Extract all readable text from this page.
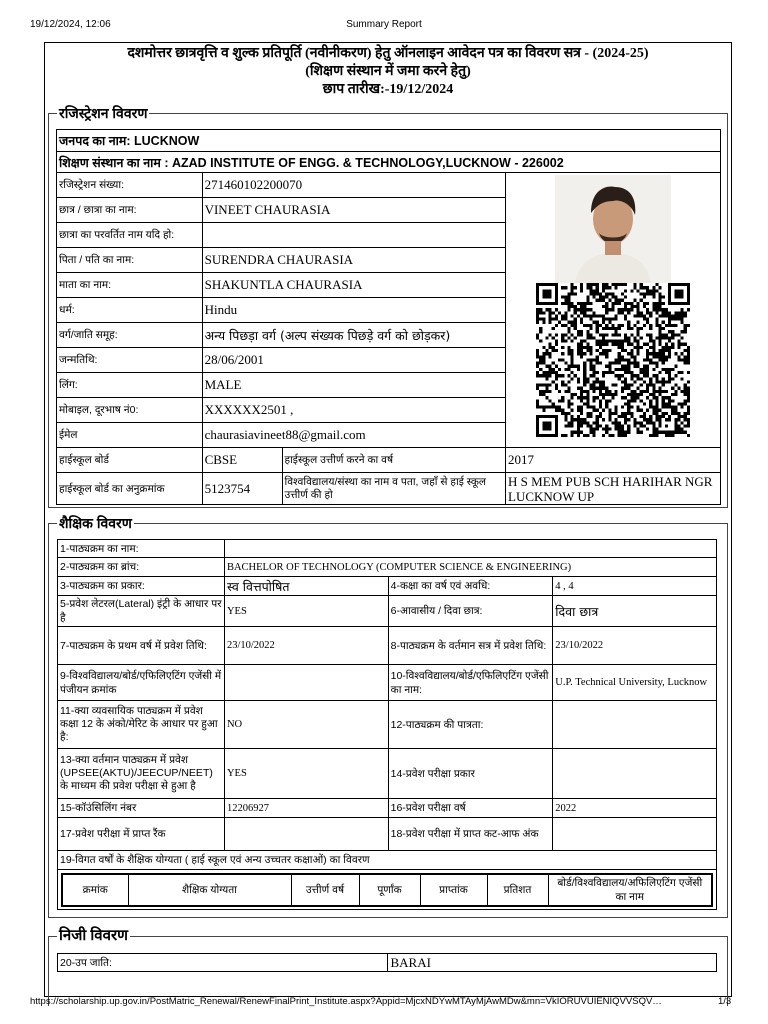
19/12/2024, 12:06	Summary Report
दशमोत्तर छात्रवृत्ति व शुल्क प्रतिपूर्ति (नवीनीकरण) हेतु ऑनलाइन आवेदन पत्र का विवरण सत्र - (2024-25)
(शिक्षण संस्थान में जमा करने हेतु)
छाप तारीख:-19/12/2024
रजिस्ट्रेशन विवरण
जनपद का नाम: LUCKNOW			
शिक्षण संस्थान का नाम : AZAD INSTITUTE OF ENGG. & TECHNOLOGY,LUCKNOW - 226002			
रजिस्ट्रेशन संख्या:	271460102200070	

छात्र / छात्रा का नाम:	VINEET CHAURASIA		
छात्रा का परवर्तित नाम यदि हो:			
पिता / पति का नाम:	SURENDRA CHAURASIA		
माता का नाम:	SHAKUNTLA CHAURASIA		
धर्म:	Hindu		
वर्ग/जाति समूह:	अन्य पिछड़ा वर्ग (अल्प संख्यक पिछड़े वर्ग को छोड़कर)		
जन्मतिथि:	28/06/2001		
लिंग:	MALE		
मोबाइल, दूरभाष नं0:	XXXXXX2501 ,		
ईमेल	chaurasiavineet88@gmail.com		
हाईस्कूल बोर्ड	CBSE	हाईस्कूल उत्तीर्ण करने का वर्ष	2017
हाईस्कूल बोर्ड का अनुक्रमांक	5123754	विश्वविद्यालय/संस्था का नाम व पता, जहाँ से हाई स्कूल उत्तीर्ण की हो	H S MEM PUB SCH HARIHAR NGR LUCKNOW UP
शैक्षिक विवरण
1-पाठ्यक्रम का नाम:	
2-पाठ्यक्रम का ब्रांच:	BACHELOR OF TECHNOLOGY (COMPUTER SCIENCE & ENGINEERING)
3-पाठ्यक्रम का प्रकार:	स्व वित्तपोषित	4-कक्षा का वर्ष एवं अवधि:	4 , 4
5-प्रवेश लेटरल(Lateral) इंट्री के आधार पर है	YES	6-आवासीय / दिवा छात्र:	दिवा छात्र
7-पाठ्यक्रम के प्रथम वर्ष में प्रवेश तिथि:	23/10/2022	8-पाठ्यक्रम के वर्तमान सत्र में प्रवेश तिथि:	23/10/2022
9-विश्वविद्यालय/बोर्ड/एफिलिएटिंग एजेंसी में पंजीयन क्रमांक		10-विश्वविद्यालय/बोर्ड/एफिलिएटिंग एजेंसी का नाम:	U.P. Technical University, Lucknow
11-क्या व्यवसायिक पाठ्यक्रम में प्रवेश कक्षा 12 के अंको/मेरिट के आधार पर हुआ है:	NO	12-पाठ्यक्रम की पात्रता:	
13-क्या वर्तमान पाठ्यक्रम में प्रवेश (UPSEE(AKTU)/JEECUP/NEET) के माध्यम की प्रवेश परीक्षा से हुआ है	YES	14-प्रवेश परीक्षा प्रकार	
15-कॉउंसिलिंग नंबर	12206927	16-प्रवेश परीक्षा वर्ष	2022
17-प्रवेश परीक्षा में प्राप्त रैंक		18-प्रवेश परीक्षा में प्राप्त कट-आफ अंक	
19-विगत वर्षों के शैक्षिक योग्यता ( हाई स्कूल एवं अन्य उच्चतर कक्षाओं) का विवरण

क्रमांक	शैक्षिक योग्यता	उत्तीर्ण वर्ष	पूर्णांक	प्राप्तांक	प्रतिशत	बोर्ड/विश्वविद्यालय/अफिलिएटिंग एजेंसी का नाम
निजी विवरण
20-उप जाति:	BARAI
https://scholarship.up.gov.in/PostMatric_Renewal/RenewFinalPrint_Institute.aspx?Appid=MjcxNDYwMTAyMjAwMDw&mn=VkIORUVUIENIQVVSQV…	1/3
